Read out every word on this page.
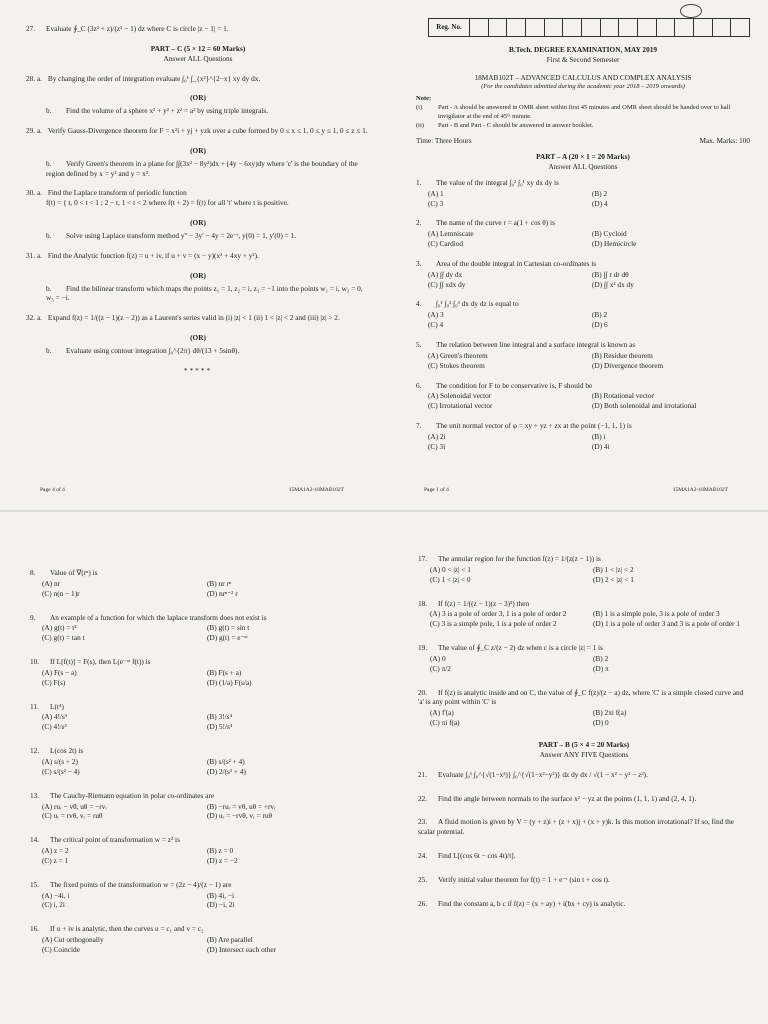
27. Evaluate ∮_C (3z² + z)/(z² − 1) dz where C is circle |z − 1| = 1.
PART – C (5 × 12 = 60 Marks)
Answer ALL Questions
28. a. By changing the order of integration evaluate ∫₀¹ ∫_{x²}^{2−x} xy dy dx.
(OR)
b. Find the volume of a sphere x² + y² + z² = a² by using triple integrals.
29. a. Verify Gauss-Divergence theorem for F = x²i + yj + yzk over a cube formed by 0 ≤ x ≤ 1, 0 ≤ y ≤ 1, 0 ≤ z ≤ 1.
(OR)
b. Verify Green's theorem in a plane for ∫∫(3x² − 8y²)dx + (4y − 6xy)dy where 'c' is the boundary of the region defined by x = y² and y = x².
30. a. Find the Laplace transform of periodic function
f(t) = { t, 0 < t < 1 ; 2 − t, 1 < t < 2 where f(t + 2) = f(t) for all 't' where t is positive.
(OR)
b. Solve using Laplace transform method y'' − 3y' − 4y = 2e⁻ᵗ, y(0) = 1, y'(0) = 1.
31. a. Find the Analytic function f(z) = u + iv, if u + v = (x − y)(x² + 4xy + y²).
(OR)
b. Find the bilinear transform which maps the points z₁ = 1, z₂ = i, z₃ = −1 into the points w₁ = i, w₂ = 0, w₃ = −i.
32. a. Expand f(z) = 1/((z − 1)(z − 2)) as a Laurent's series valid in (i) |z| < 1 (ii) 1 < |z| < 2 and (iii) |z| > 2.
(OR)
b. Evaluate using contour integration ∫₀^{2π} dθ/(13 + 5sinθ).
*****
Page 4 of 4	15MA1A2-18MAB102T
Reg. No.
B.Tech. DEGREE EXAMINATION, MAY 2019
First & Second Semester
18MAB102T – ADVANCED CALCULUS AND COMPLEX ANALYSIS
(For the candidates admitted during the academic year 2018 – 2019 onwards)
Note:
(i)	Part - A should be answered in OMR sheet within first 45 minutes and OMR sheet should be handed over to hall invigilator at the end of 45ᵗʰ minute.
(ii)	Part - B and Part - C should be answered in answer booklet.
Time: Three Hours	Max. Marks: 100
PART – A (20 × 1 = 20 Marks)
Answer ALL Questions
1. The value of the integral ∫₀² ∫₀¹ xy dx dy is
(A) 1	(B) 2
(C) 3	(D) 4
2. The name of the curve r = a(1 + cos θ) is
(A) Lemniscate	(B) Cycloid
(C) Cardiod	(D) Hemicircle
3. Area of the double integral in Cartesian co-ordinates is
(A) ∫∫ dy dx	(B) ∫∫ r dr dθ
(C) ∫∫ xdx dy	(D) ∫∫ x² dx dy
4. ∫₀¹ ∫₀² ∫₀³ dx dy dz is equal to
(A) 3	(B) 2
(C) 4	(D) 6
5. The relation between line integral and a surface integral is known as
(A) Green's theorem	(B) Residue theorem
(C) Stokes theorem	(D) Divergence theorem
6. The condition for F to be conservative is, F should be
(A) Solenoidal vector	(B) Rotational vector
(C) Irrotational vector	(D) Both solenoidal and irrotational
7. The unit normal vector of φ = xy + yz + zx at the point (−1, 1, 1) is
(A) 2i	(B) i
(C) 3i	(D) 4i
Page 1 of 4	15MA1A2-18MAB102T
8. Value of ∇(rⁿ) is
(A) nr	(B) nr rⁿ
(C) n(n − 1)r	(D) nrⁿ⁻² r
9. An example of a function for which the laplace transform does not exist is
(A) g(t) = t²	(B) g(t) = sin t
(C) g(t) = tan t	(D) g(t) = e⁻ᵃᵗ
10. If L[f(t)] = F(s), then L(e⁻ᵃᵗ f(t)) is
(A) F(s − a)	(B) F(s + a)
(C) F(s)	(D) (1/a) F(s/a)
11. L(t⁴)
(A) 4!/s⁵	(B) 3!/s⁴
(C) 4!/s³	(D) 5!/s⁴
12. L(cos 2t) is
(A) s/(s + 2)	(B) s/(s² + 4)
(C) s/(s² − 4)	(D) 2/(s² + 4)
13. The Cauchy-Riemann equation in polar co-ordinates are
(A) ruᵣ − vθ, uθ = −rvᵣ	(B) −ruᵣ = vθ, uθ = +rvᵣ
(C) uᵣ = rvθ, vᵣ = ruθ	(D) uᵣ = −rvθ, vᵣ = ruθ
14. The critical point of transformation w = z² is
(A) z = 2	(B) z = 0
(C) z = 1	(D) z = −2
15. The fixed points of the transformation w = (2z − 4)/(z − 1) are
(A) −4i, i	(B) 4i, −i
(C) i, 2i	(D) −i, 2i
16. If u + iv is analytic, then the curves u = c₁ and v = c₂
(A) Cut orthogonally	(B) Are parallel
(C) Coincide	(D) Intersect each other
17. The annular region for the function f(z) = 1/(z(z − 1)) is
(A) 0 < |z| < 1	(B) 1 < |z| < 2
(C) 1 < |z| < 0	(D) 2 < |z| < 1
18. If f(z) = 1/((z − 1)(z − 3)²) then
(A) 3 is a pole of order 3, 1 is a pole of order 2	(B) 1 is a simple pole, 3 is a pole of order 3
(C) 3 is a simple pole, 1 is a pole of order 2	(D) 1 is a pole of order 3 and 3 is a pole of order 1
19. The value of ∮_C z/(z − 2) dz when c is a circle |z| = 1 is
(A) 0	(B) 2
(C) π/2	(D) π
20. If f(z) is analytic inside and on C, the value of ∮_C f(z)/(z − a) dz, where 'C' is a simple closed curve and 'a' is any point within 'C' is
(A) f'(a)	(B) 2πi f(a)
(C) πi f(a)	(D) 0
PART – B (5 × 4 = 20 Marks)
Answer ANY FIVE Questions
21. Evaluate ∫₀¹ ∫₀^{√(1−x²)} ∫₀^{√(1−x²−y²)} dz dy dx / √(1 − x² − y² − z²).
22. Find the angle between normals to the surface x² − yz at the points (1, 1, 1) and (2, 4, 1).
23. A fluid motion is given by V = (y + z)i + (z + x)j + (x + y)k. Is this motion irrotational? If so, find the scalar potential.
24. Find L[(cos 6t − cos 4t)/t].
25. Verify initial value theorem for f(t) = 1 + e⁻ᵗ (sin t + cos t).
26. Find the constant a, b c if f(z) = (x + ay) + i(bx + cy) is analytic.
